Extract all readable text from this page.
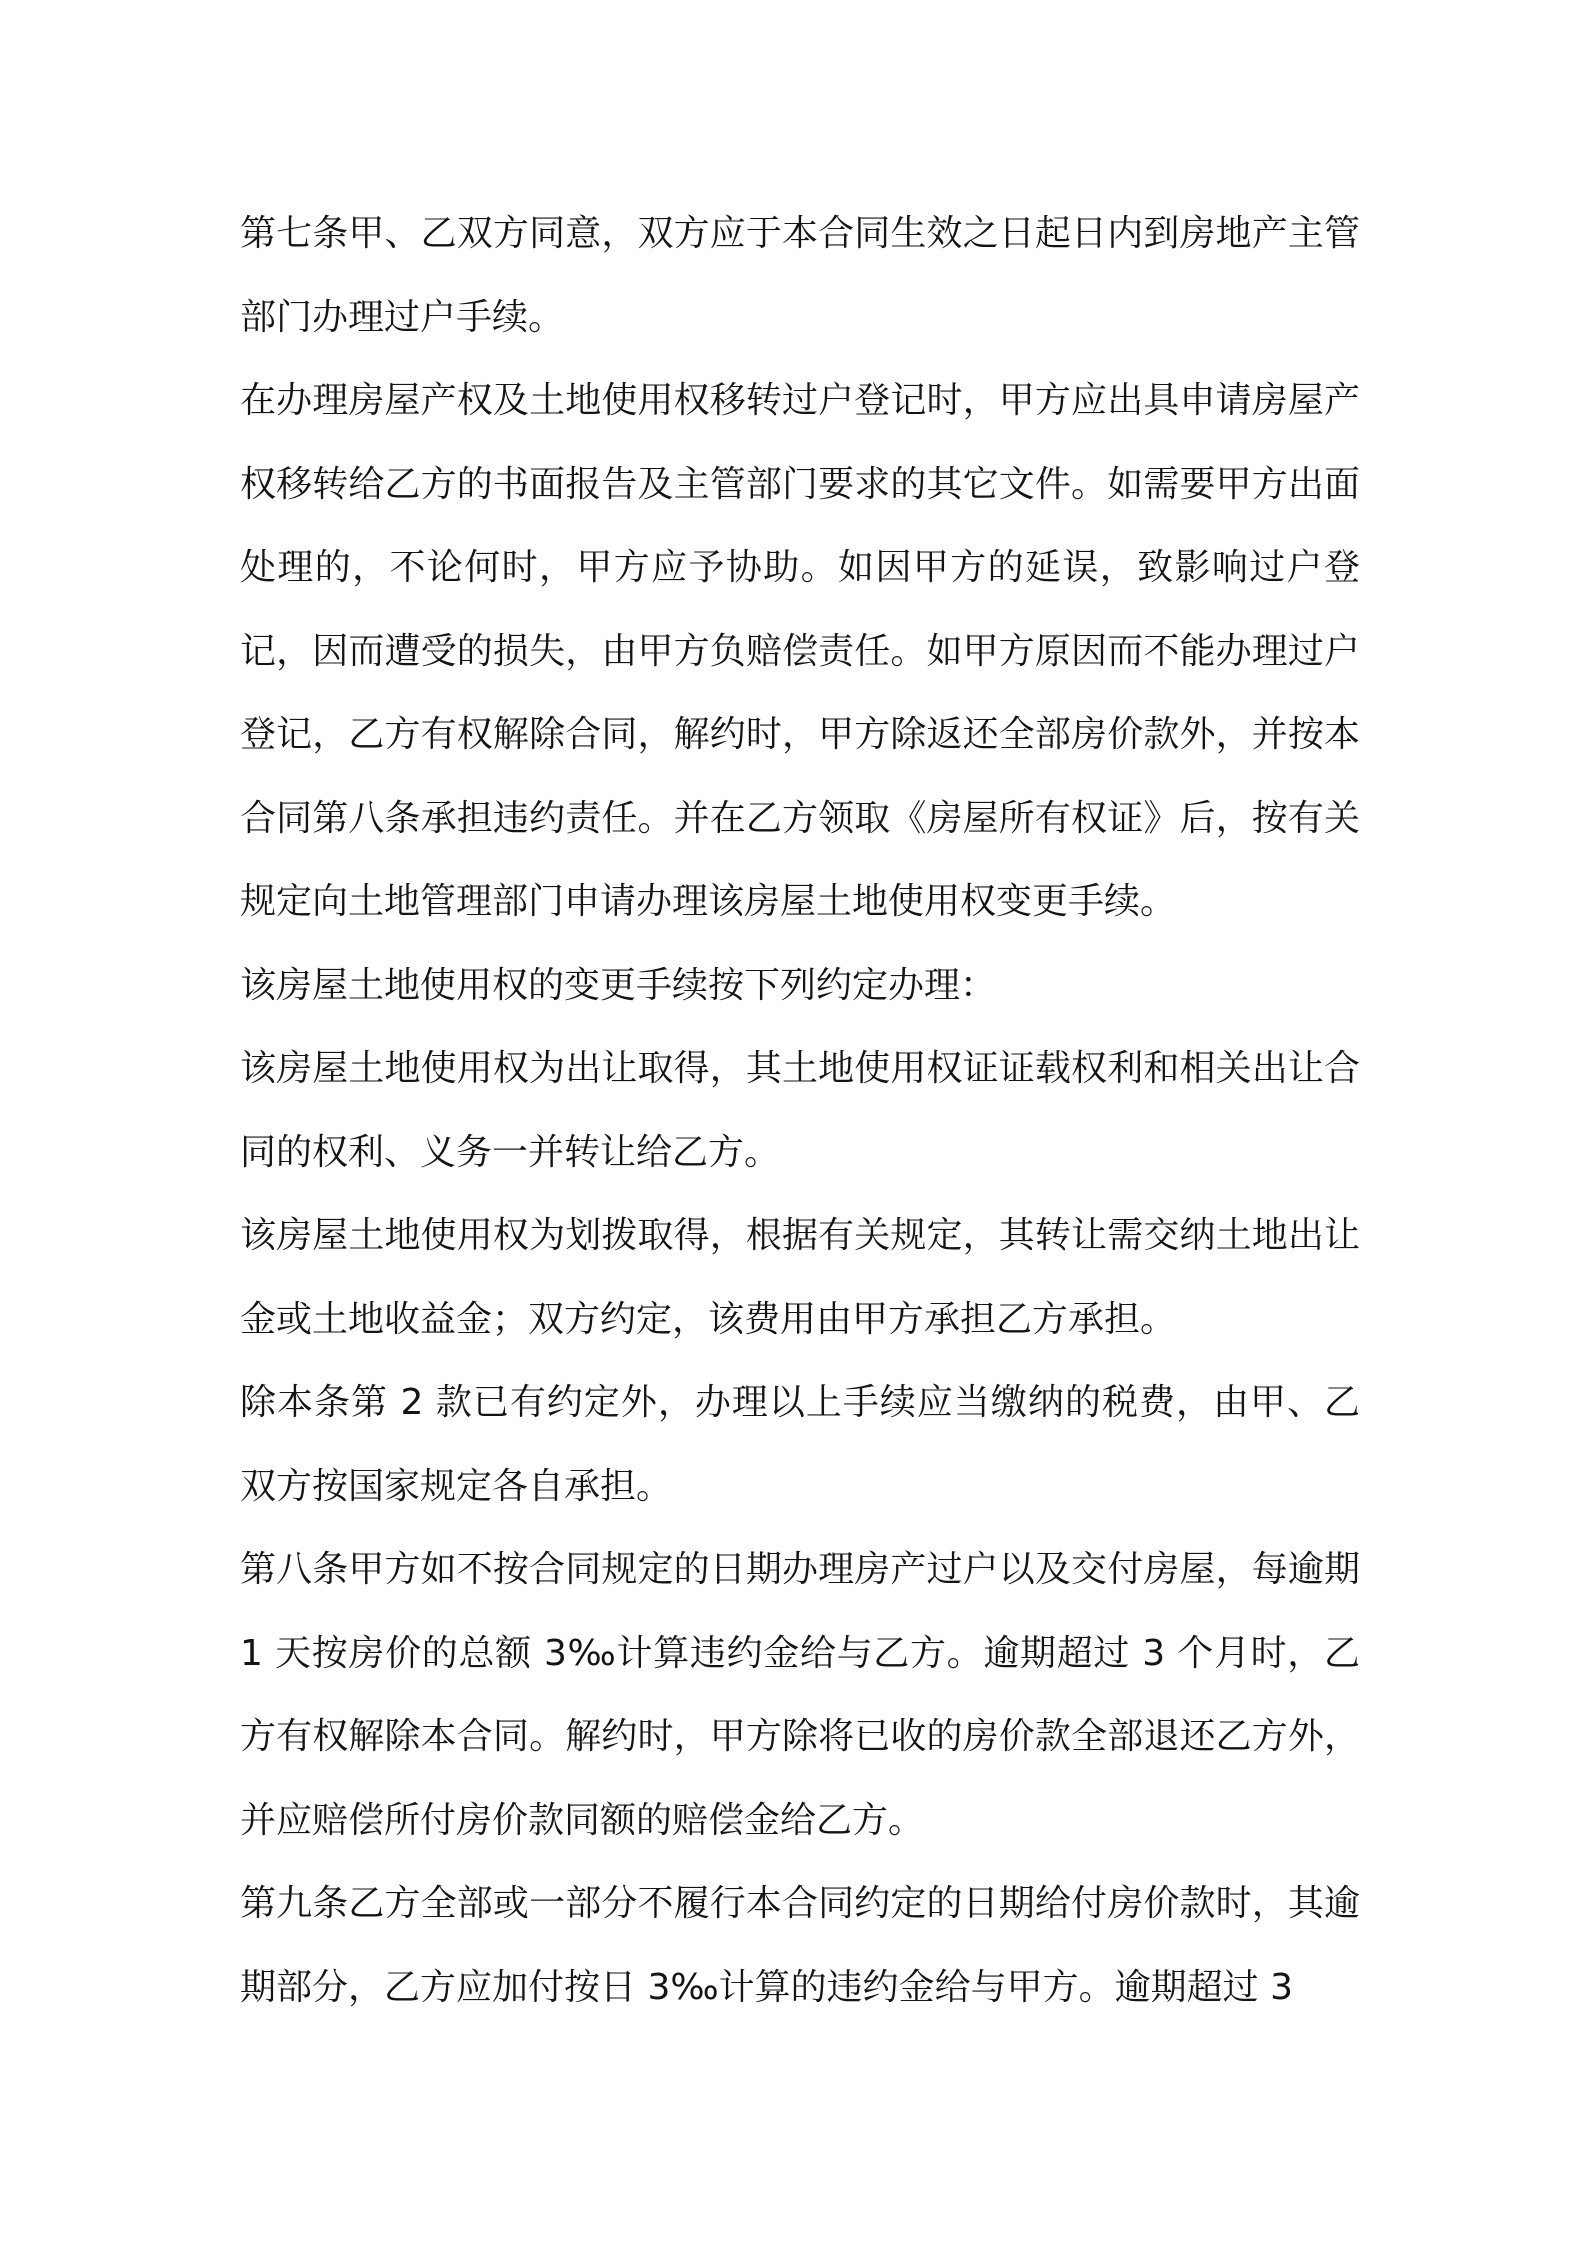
第七条甲、乙双方同意，双方应于本合同生效之日起日内到房地产主管部门办理过户手续。

在办理房屋产权及土地使用权移转过户登记时，甲方应出具申请房屋产权移转给乙方的书面报告及主管部门要求的其它文件。如需要甲方出面处理的，不论何时，甲方应予协助。如因甲方的延误，致影响过户登记，因而遭受的损失，由甲方负赔偿责任。如甲方原因而不能办理过户登记，乙方有权解除合同，解约时，甲方除返还全部房价款外，并按本合同第八条承担违约责任。并在乙方领取《房屋所有权证》后，按有关规定向土地管理部门申请办理该房屋土地使用权变更手续。

该房屋土地使用权的变更手续按下列约定办理：

该房屋土地使用权为出让取得，其土地使用权证证载权利和相关出让合同的权利、义务一并转让给乙方。

该房屋土地使用权为划拨取得，根据有关规定，其转让需交纳土地出让金或土地收益金；双方约定，该费用由甲方承担乙方承担。

除本条第 2 款已有约定外，办理以上手续应当缴纳的税费，由甲、乙双方按国家规定各自承担。

第八条甲方如不按合同规定的日期办理房产过户以及交付房屋，每逾期 1 天按房价的总额 3‰计算违约金给与乙方。逾期超过 3 个月时，乙方有权解除本合同。解约时，甲方除将已收的房价款全部退还乙方外，并应赔偿所付房价款同额的赔偿金给乙方。

第九条乙方全部或一部分不履行本合同约定的日期给付房价款时，其逾期部分，乙方应加付按日 3‰计算的违约金给与甲方。逾期超过 3
